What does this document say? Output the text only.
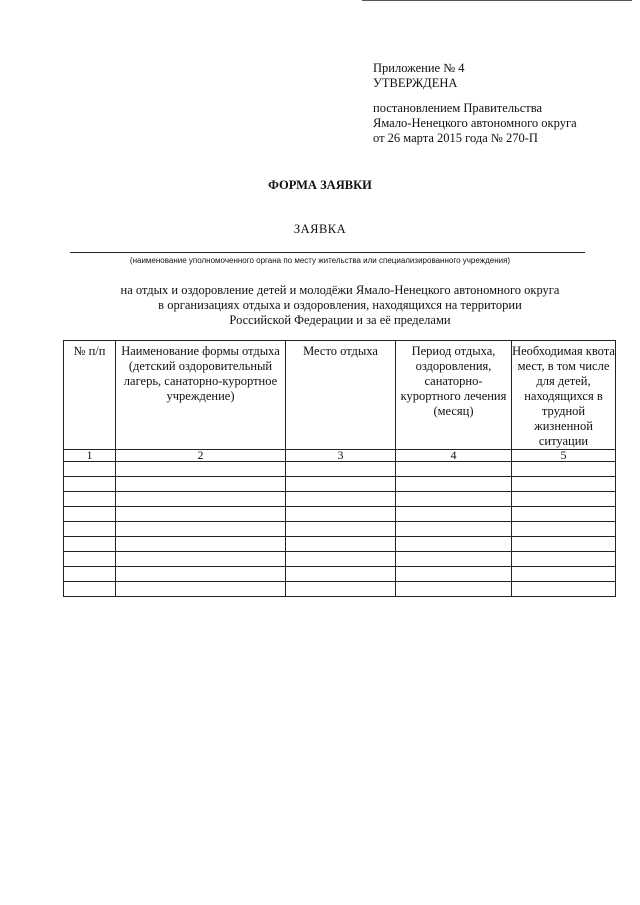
Приложение № 4
УТВЕРЖДЕНА
постановлением Правительства
Ямало-Ненецкого автономного округа
от 26 марта 2015 года № 270-П
ФОРМА ЗАЯВКИ
ЗАЯВКА
(наименование уполномоченного органа по месту жительства или специализированного учреждения)
на отдых и оздоровление детей и молодёжи Ямало-Ненецкого автономного округа
в организациях отдыха и оздоровления, находящихся на территории
Российской Федерации и за её пределами
№ п/п	Наименование формы отдыха (детский оздоровительный лагерь, санаторно-курортное учреждение)	Место отдыха	Период отдыха, оздоровления, санаторно-курортного лечения (месяц)	Необходимая квота мест, в том числе для детей, находящихся в трудной жизненной ситуации
1	2	3	4	5
